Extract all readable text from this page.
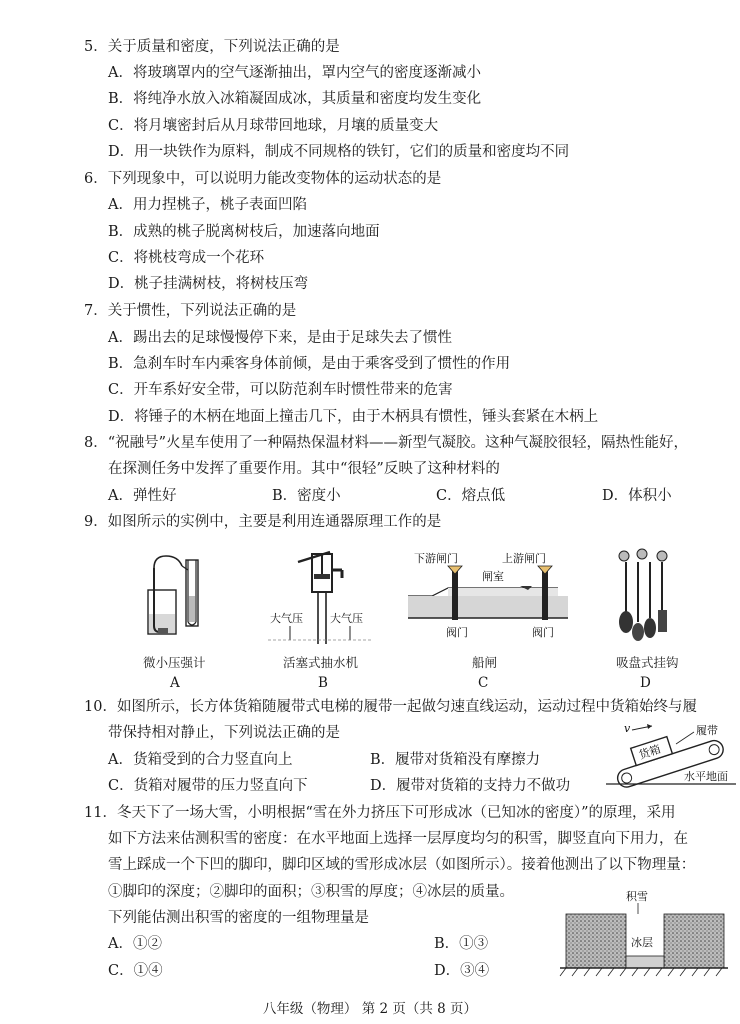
5．关于质量和密度，下列说法正确的是
A．将玻璃罩内的空气逐渐抽出，罩内空气的密度逐渐减小
B．将纯净水放入冰箱凝固成冰，其质量和密度均发生变化
C．将月壤密封后从月球带回地球，月壤的质量变大
D．用一块铁作为原料，制成不同规格的铁钉，它们的质量和密度均不同
6．下列现象中，可以说明力能改变物体的运动状态的是
A．用力捏桃子，桃子表面凹陷
B．成熟的桃子脱离树枝后，加速落向地面
C．将桃枝弯成一个花环
D．桃子挂满树枝，将树枝压弯
7．关于惯性，下列说法正确的是
A．踢出去的足球慢慢停下来，是由于足球失去了惯性
B．急刹车时车内乘客身体前倾，是由于乘客受到了惯性的作用
C．开车系好安全带，可以防范刹车时惯性带来的危害
D．将锤子的木柄在地面上撞击几下，由于木柄具有惯性，锤头套紧在木柄上
8．“祝融号”火星车使用了一种隔热保温材料——新型气凝胶。这种气凝胶很轻，隔热性能好，
在探测任务中发挥了重要作用。其中“很轻”反映了这种材料的
A．弹性好	B．密度小	C．熔点低	D．体积小
9．如图所示的实例中，主要是利用连通器原理工作的是
微小压强计
A
大气压 大气压
活塞式抽水机
B
下游闸门	上游闸门
闸室
阀门	阀门
船闸
C
吸盘式挂钩
D
10．如图所示，长方体货箱随履带式电梯的履带一起做匀速直线运动，运动过程中货箱始终与履
带保持相对静止，下列说法正确的是
A．货箱受到的合力竖直向上	B．履带对货箱没有摩擦力
C．货箱对履带的压力竖直向下	D．履带对货箱的支持力不做功
v	履带
货箱
水平地面
11．冬天下了一场大雪，小明根据“雪在外力挤压下可形成冰（已知冰的密度）”的原理，采用
如下方法来估测积雪的密度：在水平地面上选择一层厚度均匀的积雪，脚竖直向下用力，在
雪上踩成一个下凹的脚印，脚印区域的雪形成冰层（如图所示）。接着他测出了以下物理量：
①脚印的深度；②脚印的面积；③积雪的厚度；④冰层的质量。
下列能估测出积雪的密度的一组物理量是
A．①②	B．①③
C．①④	D．③④
积雪
冰层
八年级（物理） 第 2 页（共 8 页）
